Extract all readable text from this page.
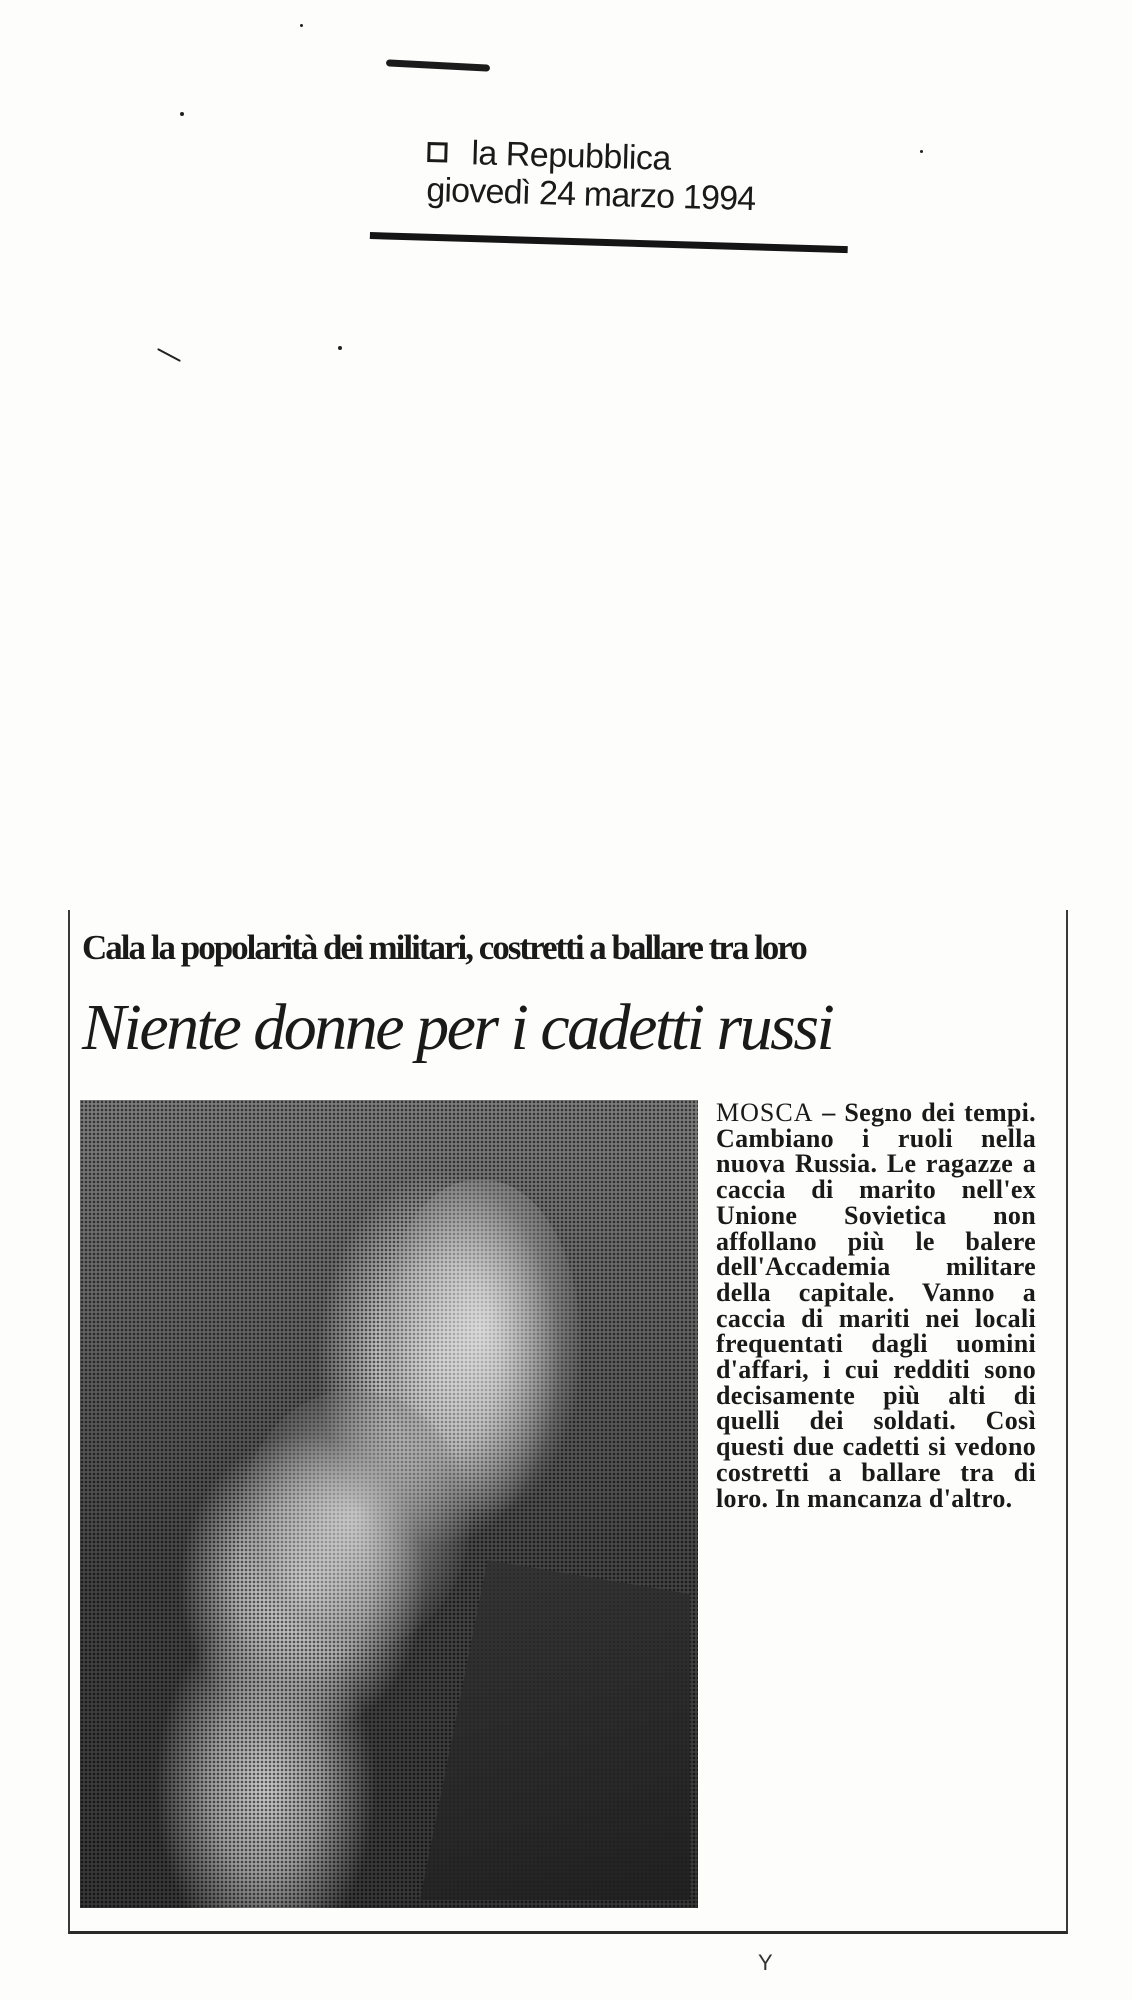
la Repubblica
giovedì 24 marzo 1994
Cala la popolarità dei militari, costretti a ballare tra loro
Niente donne per i cadetti russi
MOSCA – Segno dei tempi. Cambiano i ruoli nella nuova Russia. Le ragazze a caccia di marito nell'ex Unione Sovietica non affollano più le balere dell'Accademia militare della capitale. Vanno a caccia di mariti nei locali frequentati dagli uomini d'affari, i cui redditi sono decisamente più alti di quelli dei soldati. Così questi due cadetti si vedono costretti a ballare tra di loro. In mancanza d'altro.
Y
